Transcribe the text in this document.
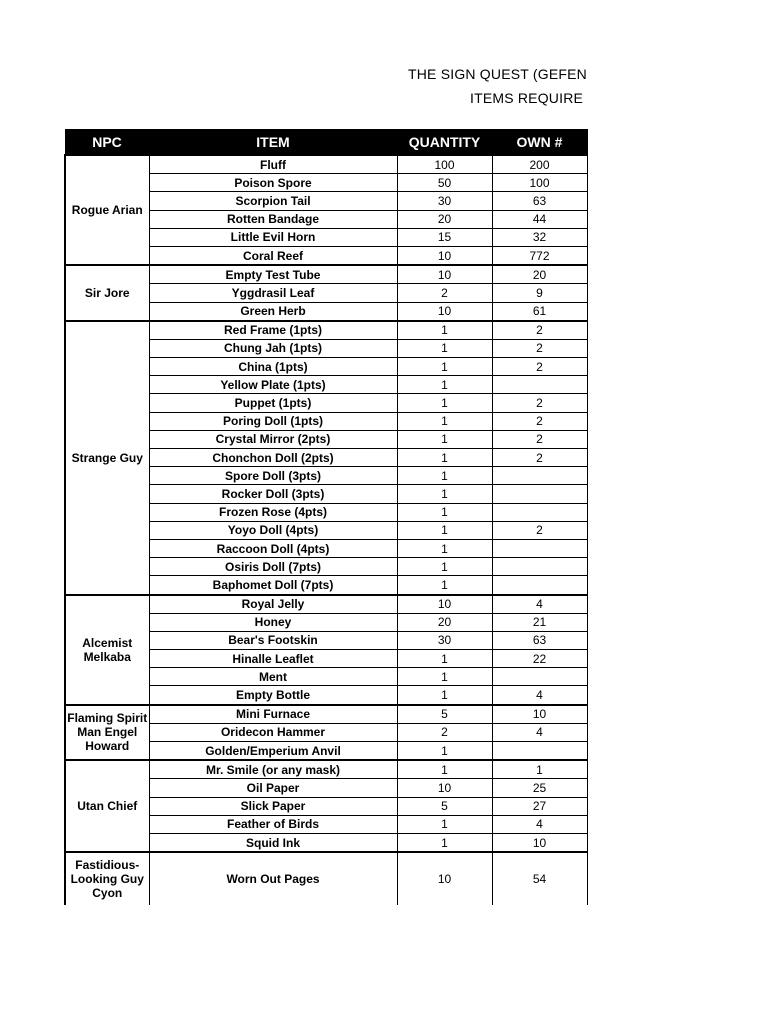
THE SIGN QUEST (GEFEN
ITEMS REQUIRE
NPC	ITEM	QUANTITY	OWN #
Rogue Arian	Fluff	100	200
	Poison Spore	50	100
	Scorpion Tail	30	63
	Rotten Bandage	20	44
	Little Evil Horn	15	32
	Coral Reef	10	772
Sir Jore	Empty Test Tube	10	20
	Yggdrasil Leaf	2	9
	Green Herb	10	61
Strange Guy	Red Frame (1pts)	1	2
	Chung Jah (1pts)	1	2
	China (1pts)	1	2
	Yellow Plate (1pts)	1	
	Puppet (1pts)	1	2
	Poring Doll (1pts)	1	2
	Crystal Mirror (2pts)	1	2
	Chonchon Doll (2pts)	1	2
	Spore Doll (3pts)	1	
	Rocker Doll (3pts)	1	
	Frozen Rose (4pts)	1	
	Yoyo Doll (4pts)	1	2
	Raccoon Doll (4pts)	1	
	Osiris Doll (7pts)	1	
	Baphomet Doll (7pts)	1	
Alcemist Melkaba	Royal Jelly	10	4
	Honey	20	21
	Bear's Footskin	30	63
	Hinalle Leaflet	1	22
	Ment	1	
	Empty Bottle	1	4
Flaming Spirit Man Engel Howard	Mini Furnace	5	10
	Oridecon Hammer	2	4
	Golden/Emperium Anvil	1	
Utan Chief	Mr. Smile (or any mask)	1	1
	Oil Paper	10	25
	Slick Paper	5	27
	Feather of Birds	1	4
	Squid Ink	1	10
Fastidious-Looking Guy Cyon	Worn Out Pages	10	54
